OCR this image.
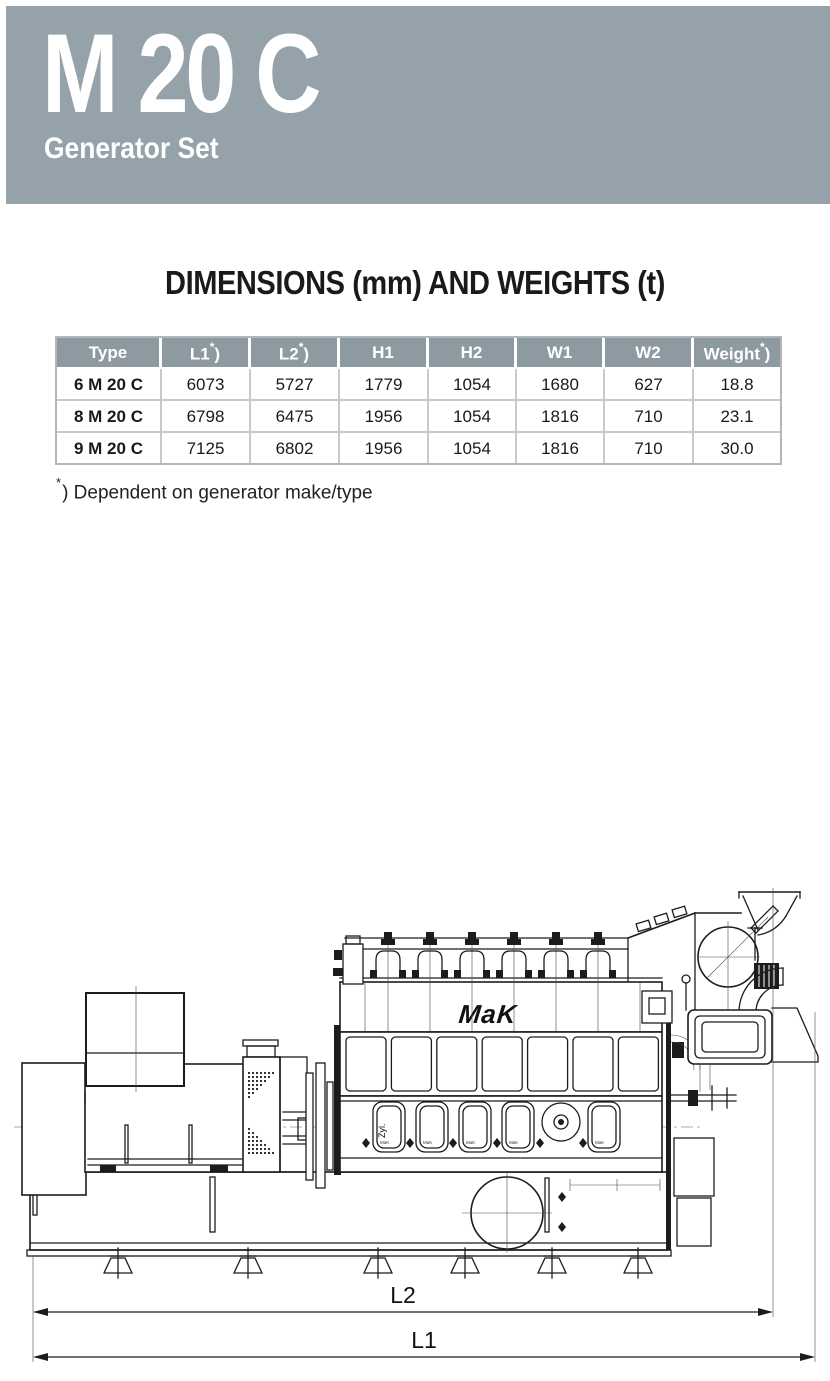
M 20 C
Generator Set
DIMENSIONS (mm) AND WEIGHTS (t)
Type	L1*)	L2*)	H1	H2	W1	W2	Weight*)
6 M 20 C	6073	5727	1779	1054	1680	627	18.8
8 M 20 C	6798	6475	1956	1054	1816	710	23.1
9 M 20 C	7125	6802	1956	1054	1816	710	30.0
*) Dependent on generator make/type
MaK
MaK
Zyl.
MaK	MaK	MaK	MaK
L2
L1
